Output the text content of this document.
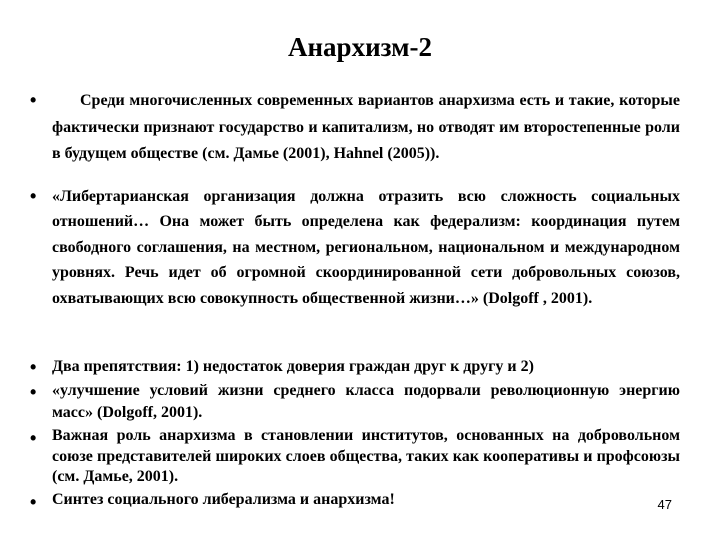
Анархизм-2
•	Среди многочисленных современных вариантов анархизма есть и такие, которые фактически признают государство и капитализм, но отводят им второстепенные роли в будущем обществе (см. Дамье (2001), Hahnel (2005)).

• «Либертарианская организация должна отразить всю сложность социальных отношений… Она может быть определена как федерализм: координация путем свободного соглашения, на местном, региональном, национальном и международном уровнях. Речь идет об огромной скоординированной сети добровольных союзов, охватывающих всю совокупность общественной жизни…» (Dolgoff , 2001).

• Два препятствия: 1) недостаток доверия граждан друг к другу и 2)

• «улучшение условий жизни среднего класса подорвали революционную энергию масс» (Dolgoff, 2001).

• Важная роль анархизма в становлении институтов, основанных на добровольном союзе представителей широких слоев общества, таких как кооперативы и профсоюзы (см. Дамье, 2001).

• Синтез социального либерализма и анархизма!	47
